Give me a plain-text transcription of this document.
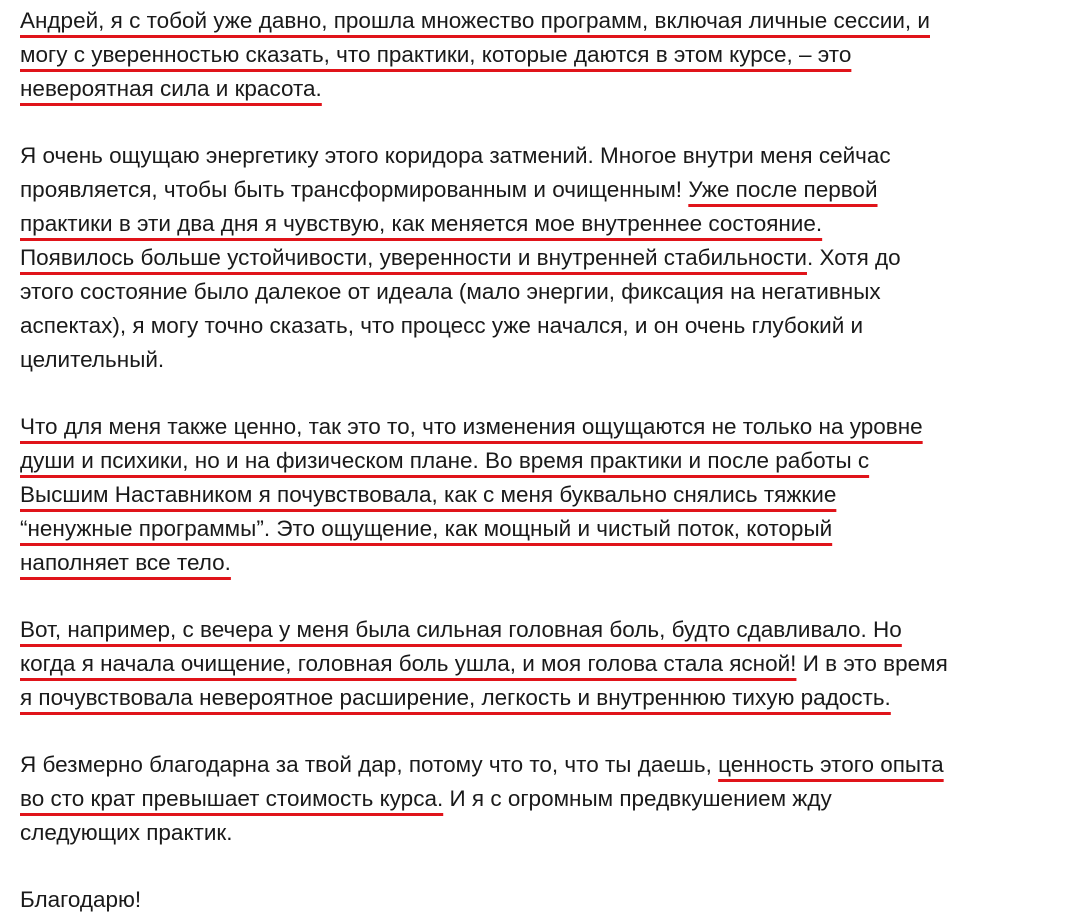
Андрей, я с тобой уже давно, прошла множество программ, включая личные сессии, и
могу с уверенностью сказать, что практики, которые даются в этом курсе, – это
невероятная сила и красота.

Я очень ощущаю энергетику этого коридора затмений. Многое внутри меня сейчас
проявляется, чтобы быть трансформированным и очищенным! Уже после первой
практики в эти два дня я чувствую, как меняется мое внутреннее состояние.
Появилось больше устойчивости, уверенности и внутренней стабильности. Хотя до
этого состояние было далекое от идеала (мало энергии, фиксация на негативных
аспектах), я могу точно сказать, что процесс уже начался, и он очень глубокий и
целительный.

Что для меня также ценно, так это то, что изменения ощущаются не только на уровне
души и психики, но и на физическом плане. Во время практики и после работы с
Высшим Наставником я почувствовала, как с меня буквально снялись тяжкие
“ненужные программы”. Это ощущение, как мощный и чистый поток, который
наполняет все тело.

Вот, например, с вечера у меня была сильная головная боль, будто сдавливало. Но
когда я начала очищение, головная боль ушла, и моя голова стала ясной! И в это время
я почувствовала невероятное расширение, легкость и внутреннюю тихую радость.

Я безмерно благодарна за твой дар, потому что то, что ты даешь, ценность этого опыта
во сто крат превышает стоимость курса. И я с огромным предвкушением жду
следующих практик.

Благодарю!
